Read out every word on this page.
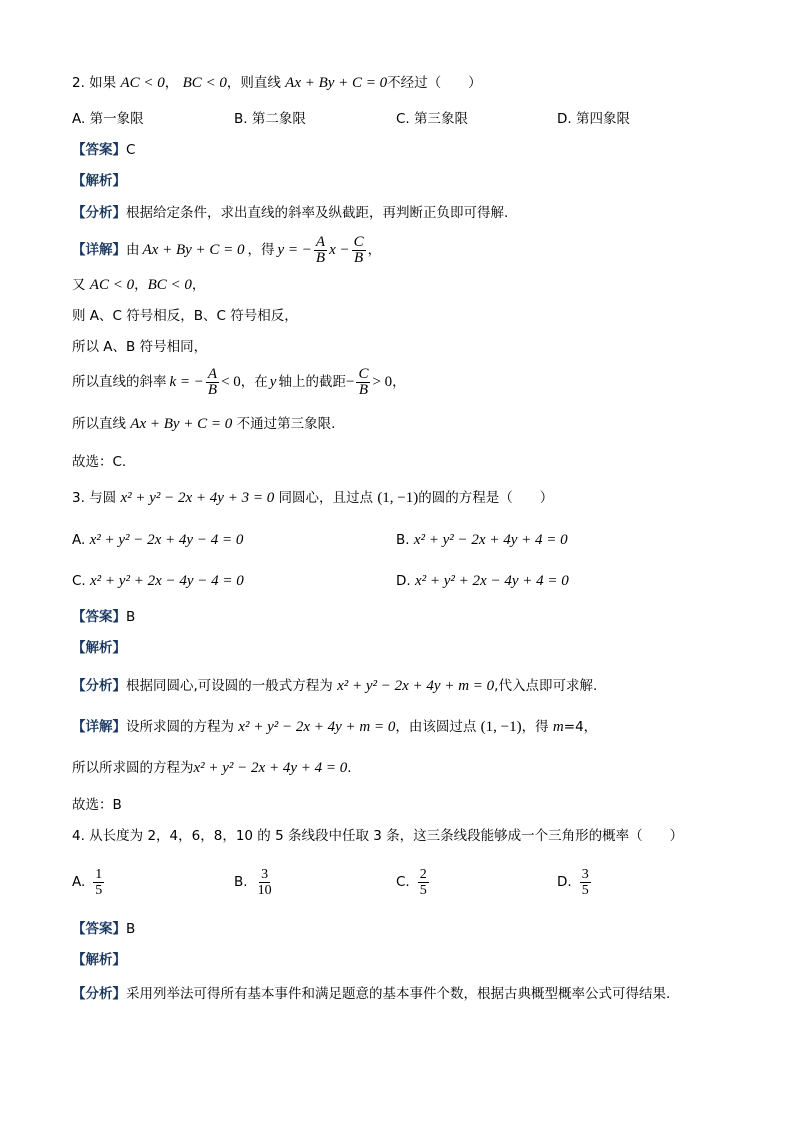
2. 如果 AC < 0， BC < 0，则直线 Ax + By + C = 0不经过（　　）
A. 第一象限	B. 第二象限	C. 第三象限	D. 第四象限
【答案】C
【解析】
【分析】根据给定条件，求出直线的斜率及纵截距，再判断正负即可得解.
【详解】 由 Ax + By + C = 0 ，得 y = − $\frac{A}{B}$ $x - \frac{C}{B}$ ，
又 AC < 0，BC < 0，
则 A、C 符号相反，B、C 符号相反，
所以 A、B 符号相同，
所以直线的斜率 k = − $\frac{A}{B} < 0$ ，在 y 轴上的截距 − $\frac{C}{B} > 0$ ，
所以直线 Ax + By + C = 0 不通过第三象限.
故选：C.
3. 与圆 x² + y² − 2x + 4y + 3 = 0 同圆心，且过点 (1, −1)的圆的方程是（　　）
A. x² + y² − 2x + 4y − 4 = 0	B. x² + y² − 2x + 4y + 4 = 0
C. x² + y² + 2x − 4y − 4 = 0	D. x² + y² + 2x − 4y + 4 = 0
【答案】B
【解析】
【分析】根据同圆心,可设圆的一般式方程为 x² + y² − 2x + 4y + m = 0,代入点即可求解.
【详解】设所求圆的方程为 x² + y² − 2x + 4y + m = 0，由该圆过点 (1, −1)，得 m=4，
所以所求圆的方程为x² + y² − 2x + 4y + 4 = 0.
故选：B
4. 从长度为 2，4，6，8，10 的 5 条线段中任取 3 条，这三条线段能够成一个三角形的概率（　　）
A. $\frac{1}{5}$	B. $\frac{3}{10}$	C. $\frac{2}{5}$	D. $\frac{3}{5}$
【答案】B
【解析】
【分析】采用列举法可得所有基本事件和满足题意的基本事件个数，根据古典概型概率公式可得结果.
